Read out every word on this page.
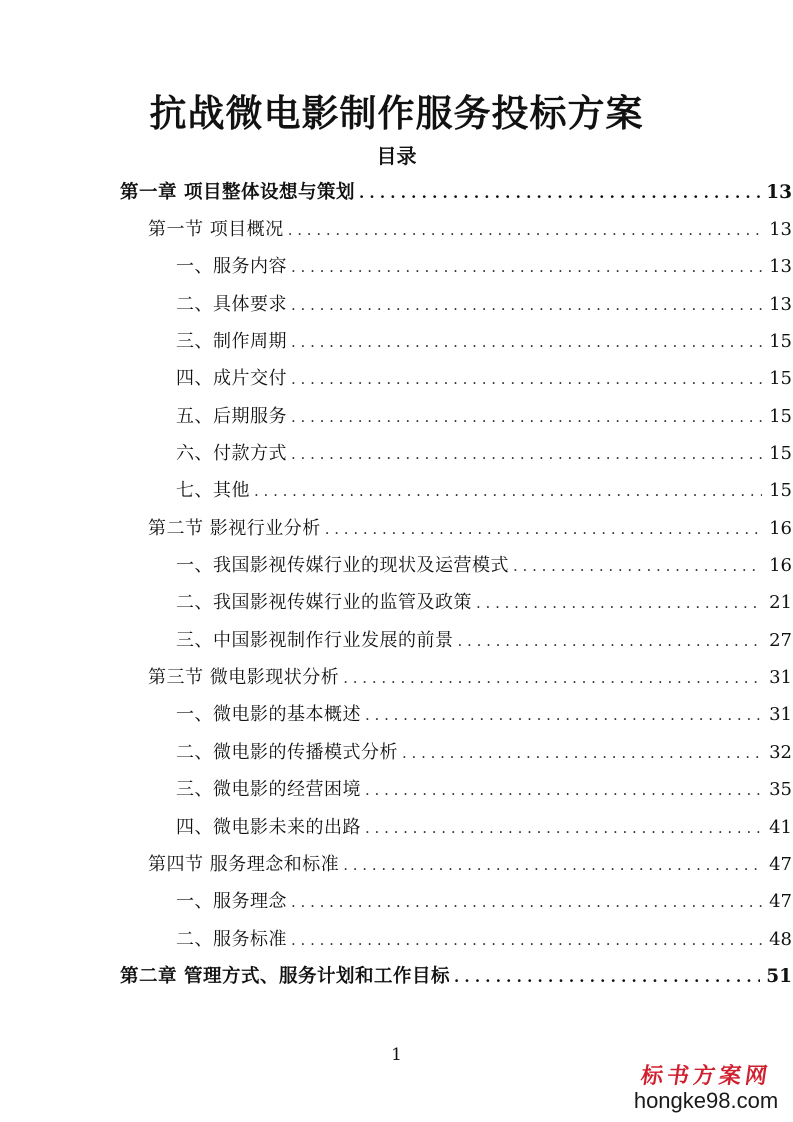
抗战微电影制作服务投标方案
目录
第一章 项目整体设想与策划 . . .	13
第一节 项目概况 . . .	13
一、服务内容 . . .	13
二、具体要求 . . .	13
三、制作周期 . . .	15
四、成片交付 . . .	15
五、后期服务 . . .	15
六、付款方式 . . .	15
七、其他 . . .	15
第二节 影视行业分析 . . .	16
一、我国影视传媒行业的现状及运营模式 . . .	16
二、我国影视传媒行业的监管及政策 . . .	21
三、中国影视制作行业发展的前景 . . .	27
第三节 微电影现状分析 . . .	31
一、微电影的基本概述 . . .	31
二、微电影的传播模式分析 . . .	32
三、微电影的经营困境 . . .	35
四、微电影未来的出路 . . .	41
第四节 服务理念和标准 . . .	47
一、服务理念 . . .	47
二、服务标准 . . .	48
第二章 管理方式、服务计划和工作目标 . . .	51
1
标书方案网
hongke98.com
